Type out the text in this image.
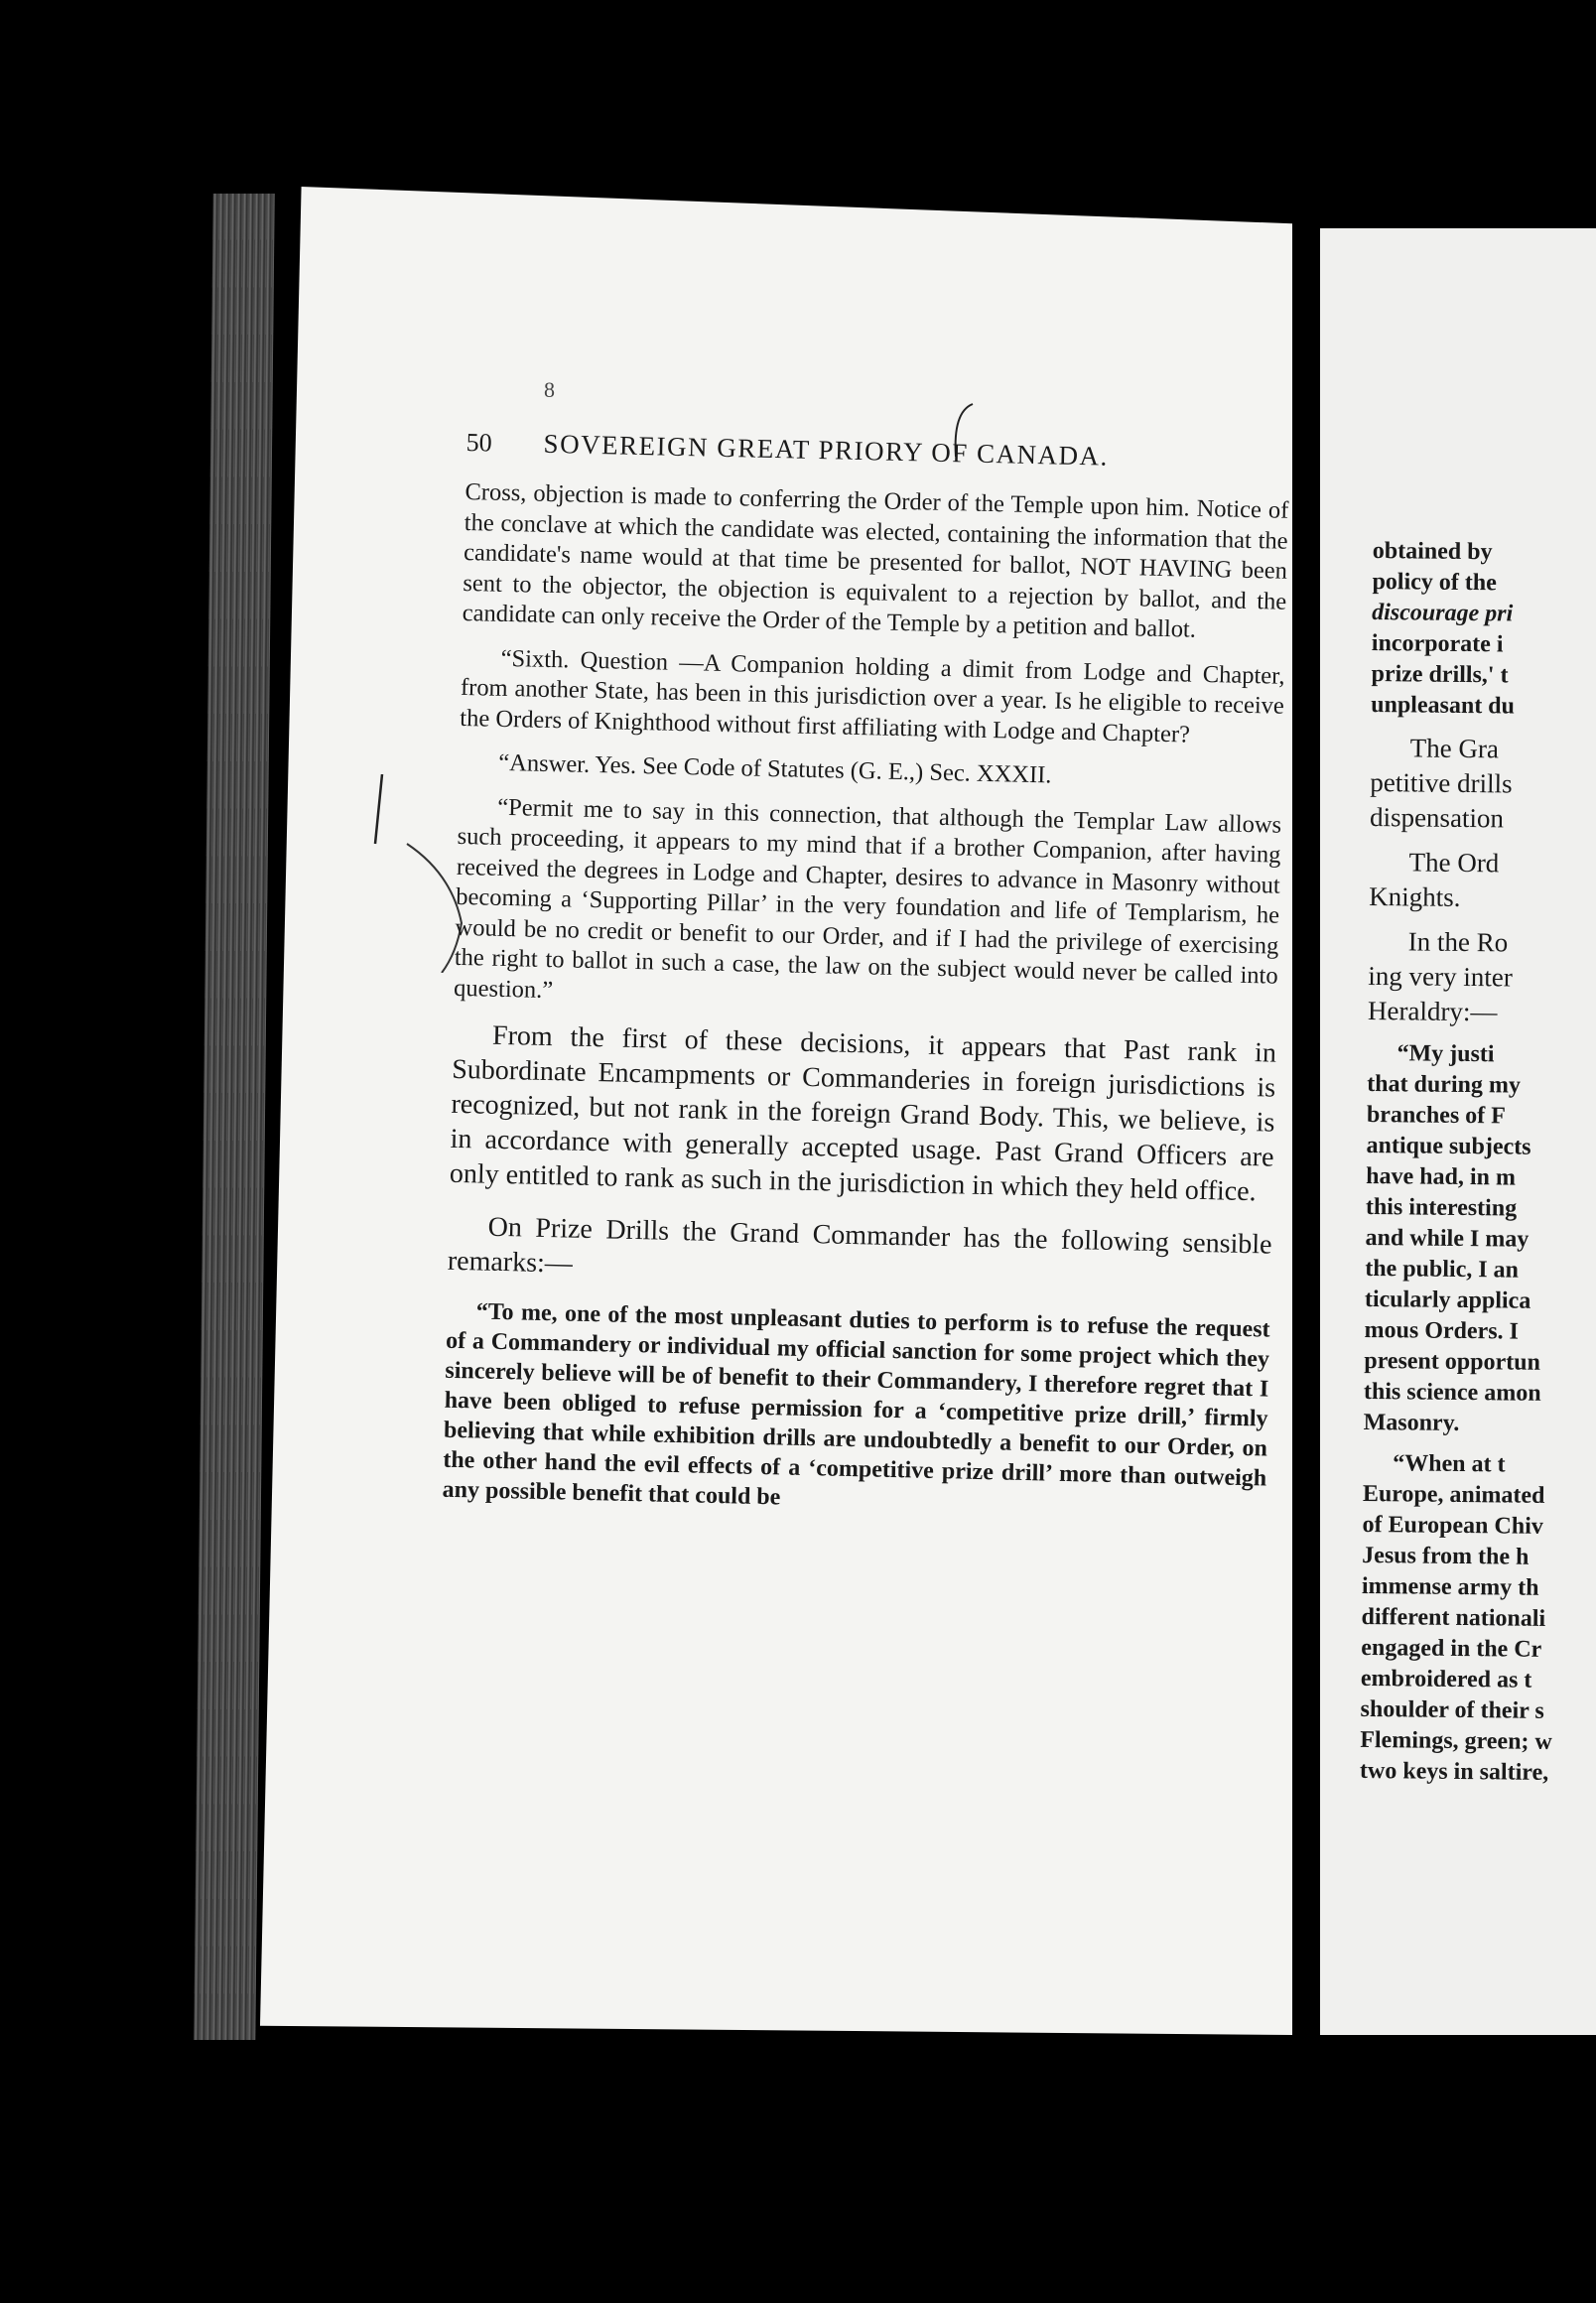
8
50 SOVEREIGN GREAT PRIORY OF CANADA.

Cross, objection is made to conferring the Order of the Temple upon him. Notice of the conclave at which the candidate was elected, containing the information that the candidate's name would at that time be presented for ballot, NOT HAVING been sent to the objector, the objection is equivalent to a rejection by ballot, and the candidate can only receive the Order of the Temple by a petition and ballot.

“Sixth. Question —A Companion holding a dimit from Lodge and Chapter, from another State, has been in this jurisdiction over a year. Is he eligible to receive the Orders of Knighthood without first affiliating with Lodge and Chapter?

“Answer. Yes. See Code of Statutes (G. E.,) Sec. XXXII.

“Permit me to say in this connection, that although the Templar Law allows such proceeding, it appears to my mind that if a brother Companion, after having received the degrees in Lodge and Chapter, desires to advance in Masonry without becoming a ‘Supporting Pillar’ in the very foundation and life of Templarism, he would be no credit or benefit to our Order, and if I had the privilege of exercising the right to ballot in such a case, the law on the subject would never be called into question.”

From the first of these decisions, it appears that Past rank in Subordinate Encampments or Commanderies in foreign jurisdictions is recognized, but not rank in the foreign Grand Body. This, we believe, is in accordance with generally accepted usage. Past Grand Officers are only entitled to rank as such in the jurisdiction in which they held office.

On Prize Drills the Grand Commander has the following sensible remarks:—

“To me, one of the most unpleasant duties to perform is to refuse the request of a Commandery or individual my official sanction for some project which they sincerely believe will be of benefit to their Commandery, I therefore regret that I have been obliged to refuse permission for a ‘competitive prize drill,’ firmly believing that while exhibition drills are undoubtedly a benefit to our Order, on the other hand the evil effects of a ‘competitive prize drill’ more than outweigh any possible benefit that could be

obtained by
policy of the
discourage pri
incorporate i
prize drills,' t
unpleasant du
The Gra
petitive drills
dispensation
The Ord
Knights.
In the Ro
ing very inter
Heraldry:—
“My justi
that during my
branches of F
antique subjects
have had, in m
this interesting
and while I may
the public, I an
ticularly applica
mous Orders. I
present opportun
this science amon
Masonry.
“When at t
Europe, animated
of European Chiv
Jesus from the h
immense army th
different nationali
engaged in the Cr
embroidered as t
shoulder of their s
Flemings, green; w
two keys in saltire,
